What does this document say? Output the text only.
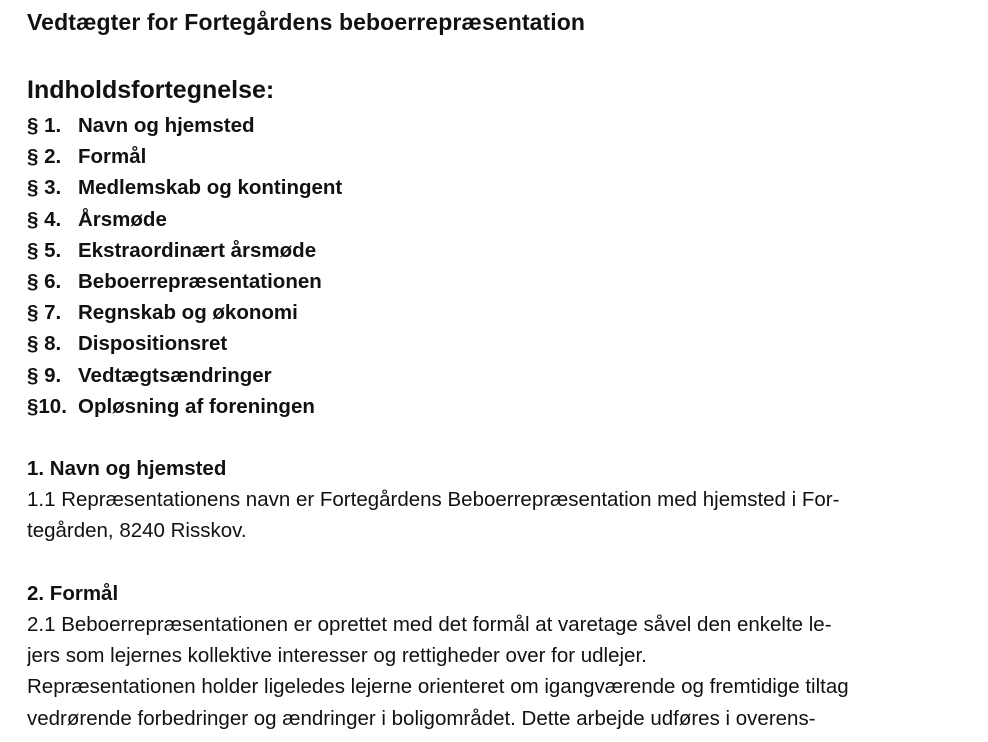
Vedtægter for Fortegårdens beboerrepræsentation
Indholdsfortegnelse:
§ 1. Navn og hjemsted
§ 2. Formål
§ 3. Medlemskab og kontingent
§ 4. Årsmøde
§ 5. Ekstraordinært årsmøde
§ 6. Beboerrepræsentationen
§ 7. Regnskab og økonomi
§ 8. Dispositionsret
§ 9. Vedtægtsændringer
§10. Opløsning af foreningen
1. Navn og hjemsted

1.1 Repræsentationens navn er Fortegårdens Beboerrepræsentation med hjemsted i For-

tegården, 8240 Risskov.

2. Formål

2.1 Beboerrepræsentationen er oprettet med det formål at varetage såvel den enkelte le-

jers som lejernes kollektive interesser og rettigheder over for udlejer.

Repræsentationen holder ligeledes lejerne orienteret om igangværende og fremtidige tiltag

vedrørende forbedringer og ændringer i boligområdet. Dette arbejde udføres i overens-
